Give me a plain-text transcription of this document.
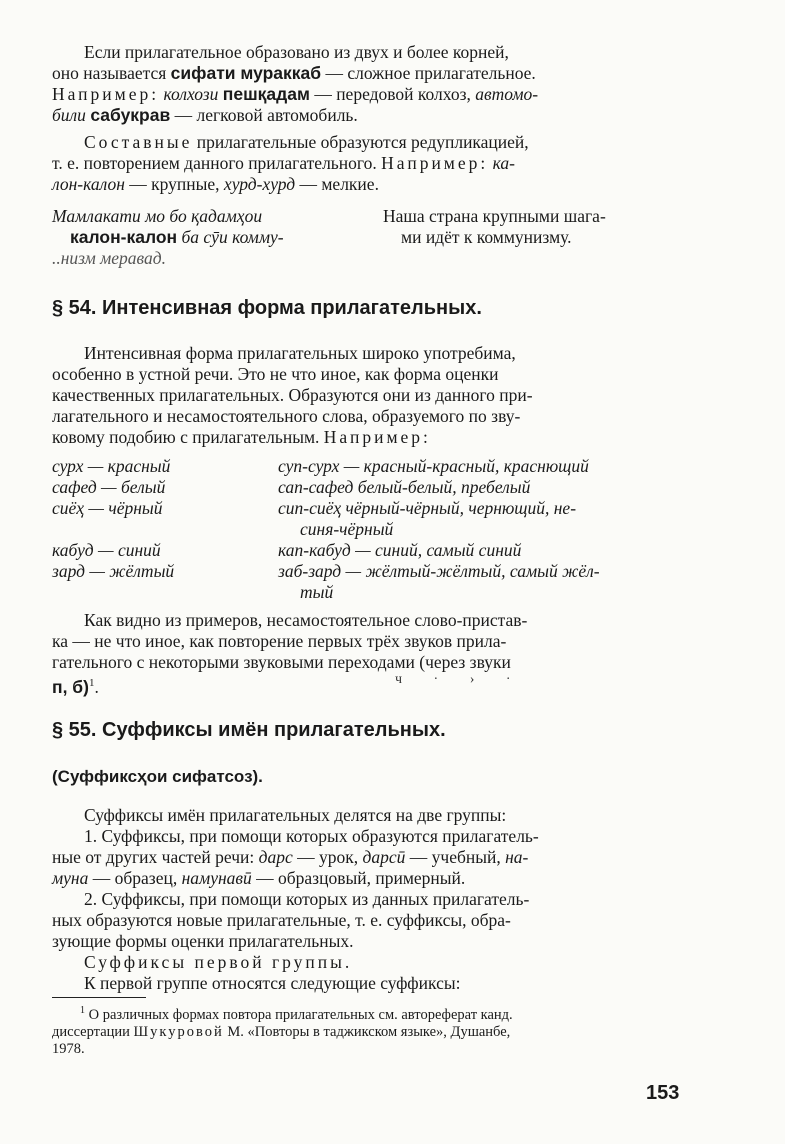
Если прилагательное образовано из двух и более корней,
оно называется сифати мураккаб — сложное прилагательное.
Например: колхози пешқадам — передовой колхоз, автомо-
били сабукрав — легковой автомобиль.
Составные прилагательные образуются редупликацией,
т. е. повторением данного прилагательного. Например: ка-
лон-калон — крупные, хурд-хурд — мелкие.
Мамлакати мо бо қадамҳои
калон-калон ба сӯи комму-
..низм меравад.
Наша страна крупными шага-
ми идёт к коммунизму.
§ 54. Интенсивная форма прилагательных.
Интенсивная форма прилагательных широко употребима,
особенно в устной речи. Это не что иное, как форма оценки
качественных прилагательных. Образуются они из данного при-
лагательного и несамостоятельного слова, образуемого по зву-
ковому подобию с прилагательным. Например:
сурх — красный	суп-сурх — красный-красный, краснющий
сафед — белый	сап-сафед белый-белый, пребелый
сиёҳ — чёрный	сип-сиёҳ чёрный-чёрный, черн​ющий, не-
синя-чёрный
кабуд — синий	кап-кабуд — синий, самый синий
зард — жёлтый	заб-зард — жёлтый-жёлтый, самый жёл-
тый
Как видно из примеров, несамостоятельное слово-пристав-
ка — не что иное, как повторение первых трёх звуков прила-
гательного с некоторыми звуковыми переходами (через звуки
п, б)$^1$.	ч · › ·
§ 55. Суффиксы имён прилагательных.
(Суффиксҳои сифатсоз).
Суффиксы имён прилагательных делятся на две группы:
1. Суффиксы, при помощи которых образуются прилагатель-
ные от других частей речи: дарс — урок, дарсӣ — учебный, на-
муна — образец, намунавӣ — образцовый, примерный.
2. Суффиксы, при помощи которых из данных прилагатель-
ных образуются новые прилагательные, т. е. суффиксы, обра-
зующие формы оценки прилагательных.
Суффиксы первой группы.
К первой группе относятся следующие суффиксы:
$^1$ О различных формах повтора прилагательных см. автореферат канд.
диссертации Шукуровой М. «Повторы в таджикском языке», Душанбе,
1978.
153
